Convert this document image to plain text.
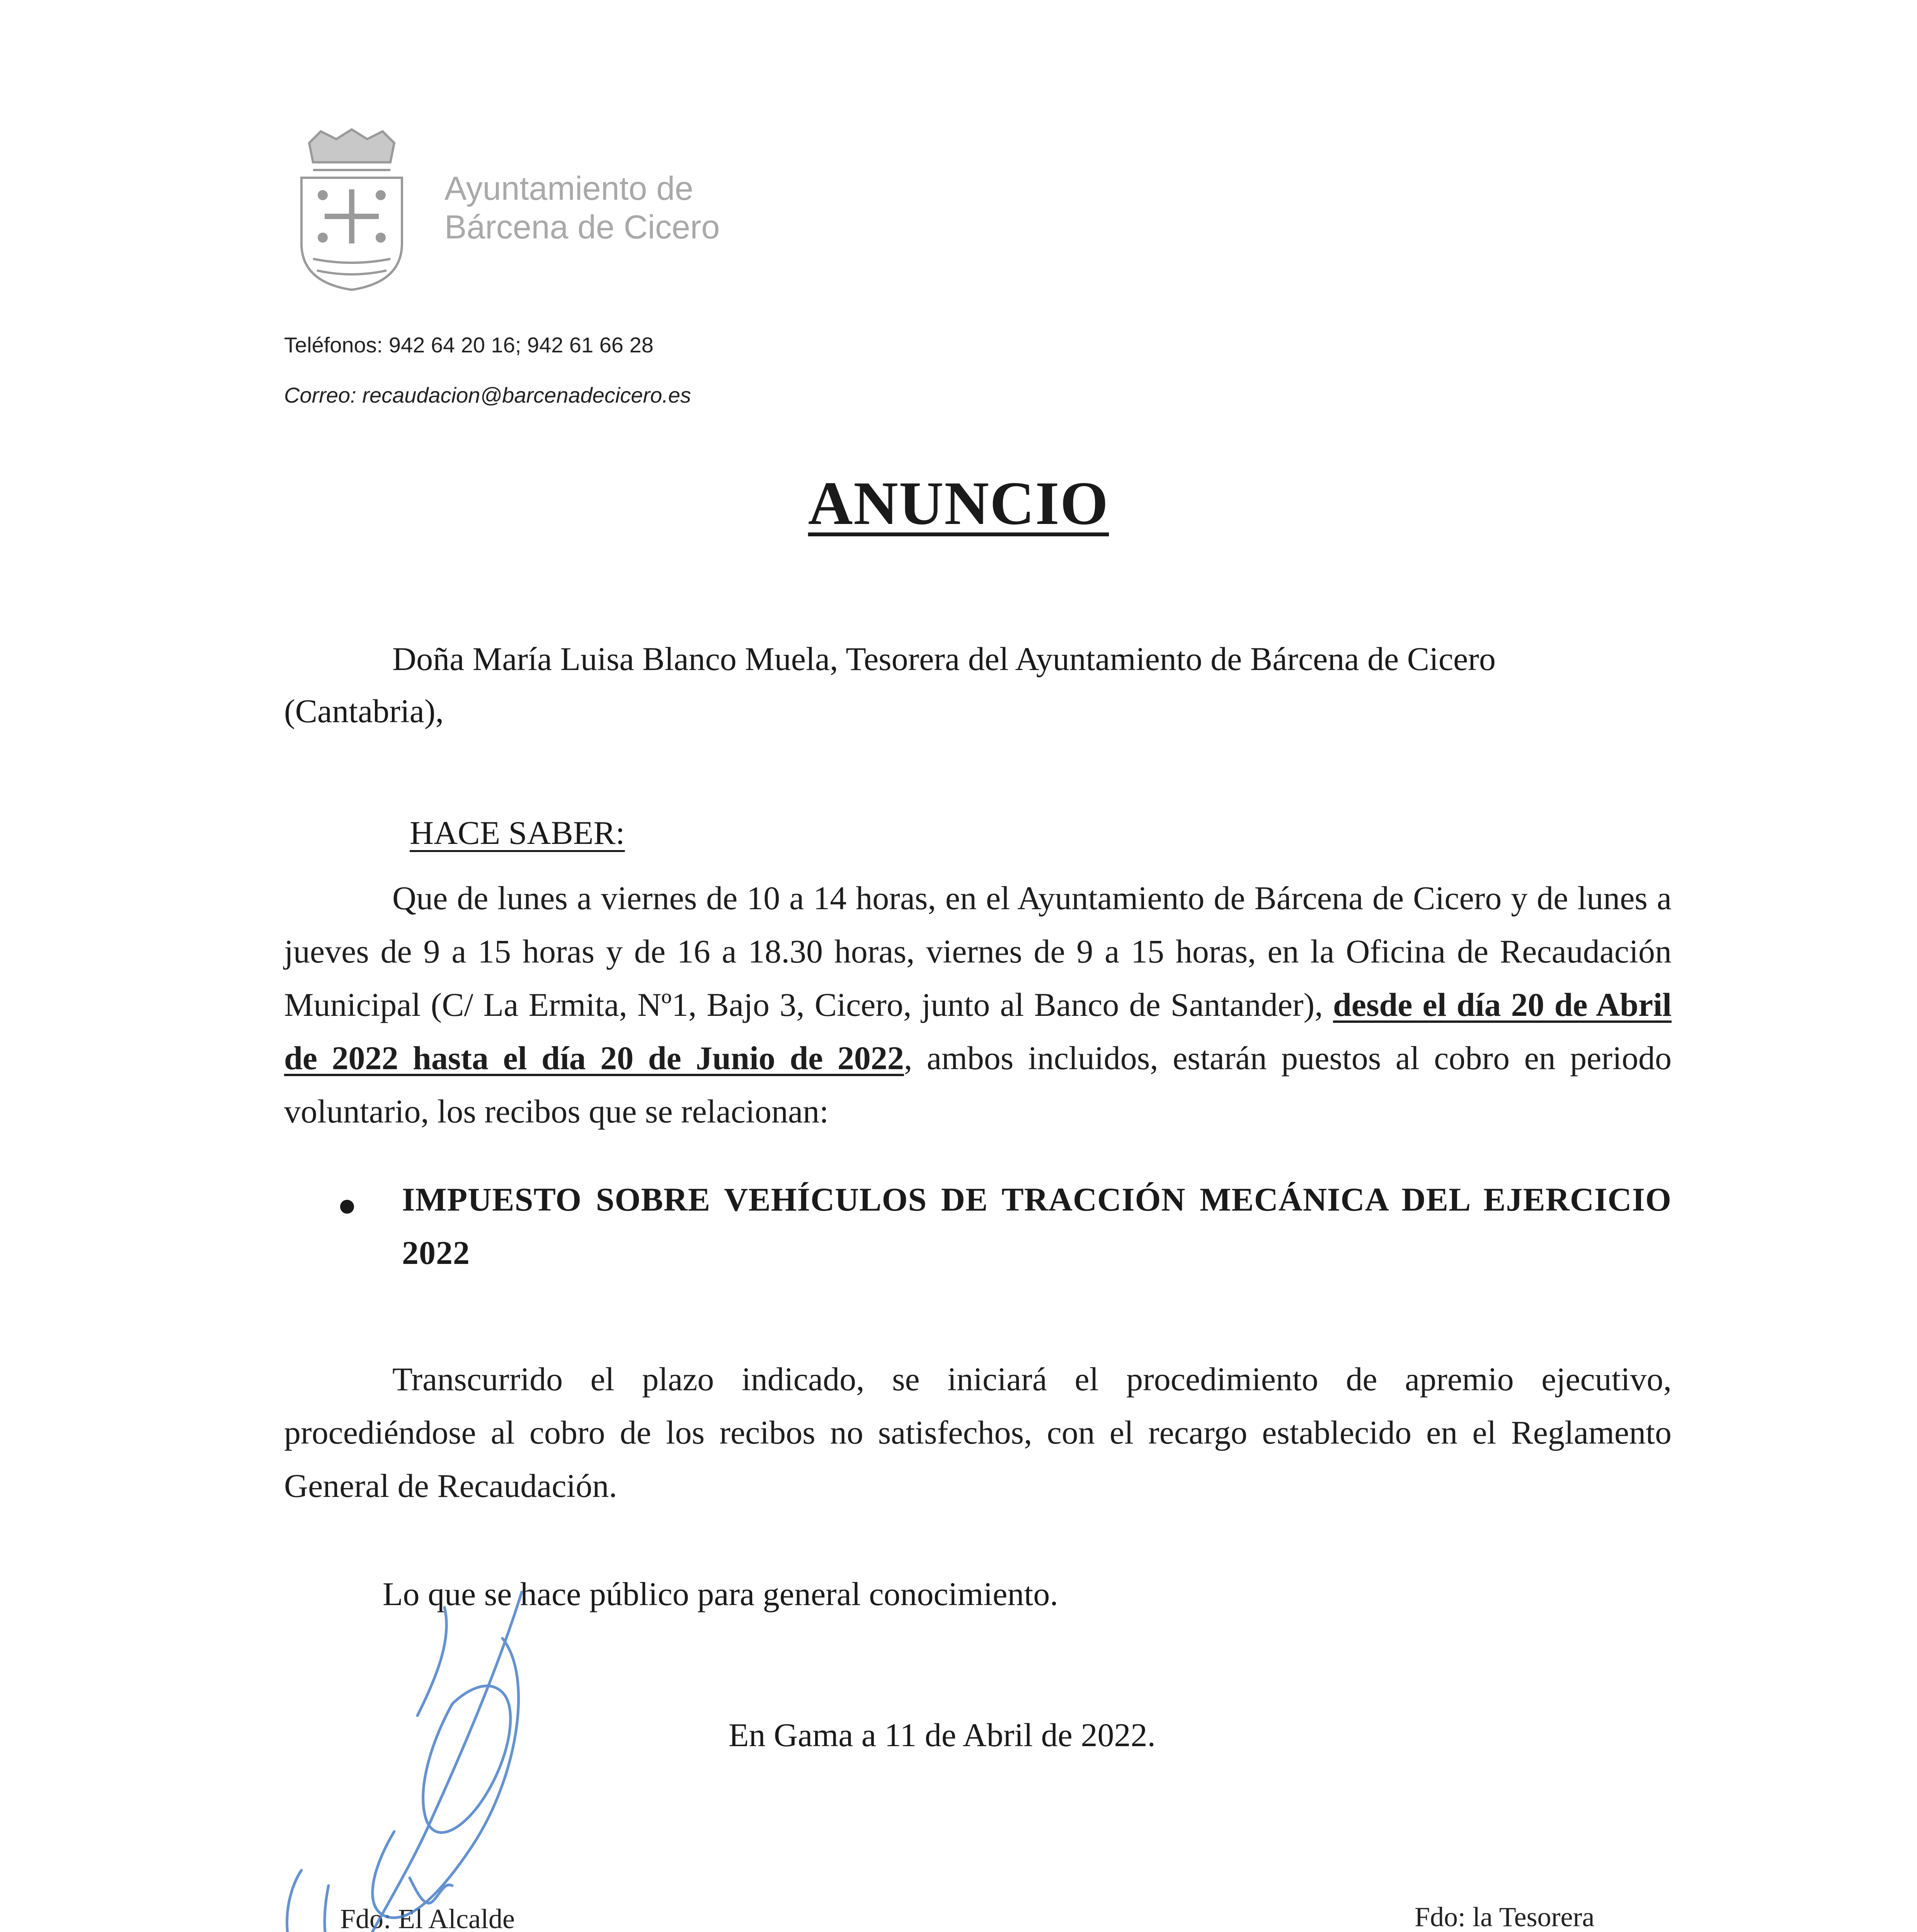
Ayuntamiento de
Bárcena de Cicero
Teléfonos: 942 64 20 16; 942 61 66 28
Correo: recaudacion@barcenadecicero.es
ANUNCIO
Doña María Luisa Blanco Muela, Tesorera del Ayuntamiento de Bárcena de Cicero
(Cantabria),
HACE SABER:
Que de lunes a viernes de 10 a 14 horas, en el Ayuntamiento de Bárcena de Cicero y de lunes a jueves de 9 a 15 horas y de 16 a 18.30 horas, viernes de 9 a 15 horas, en la Oficina de Recaudación Municipal (C/ La Ermita, Nº1, Bajo 3, Cicero, junto al Banco de Santander), desde el día 20 de Abril de 2022 hasta el día 20 de Junio de 2022, ambos incluidos, estarán puestos al cobro en periodo voluntario, los recibos que se relacionan:
IMPUESTO SOBRE VEHÍCULOS DE TRACCIÓN MECÁNICA DEL EJERCICIO 2022
Transcurrido el plazo indicado, se iniciará el procedimiento de apremio ejecutivo, procediéndose al cobro de los recibos no satisfechos, con el recargo establecido en el Reglamento General de Recaudación.
Lo que se hace público para general conocimiento.
En Gama a 11 de Abril de 2022.
Fdo: El Alcalde	Fdo: la Tesorera
